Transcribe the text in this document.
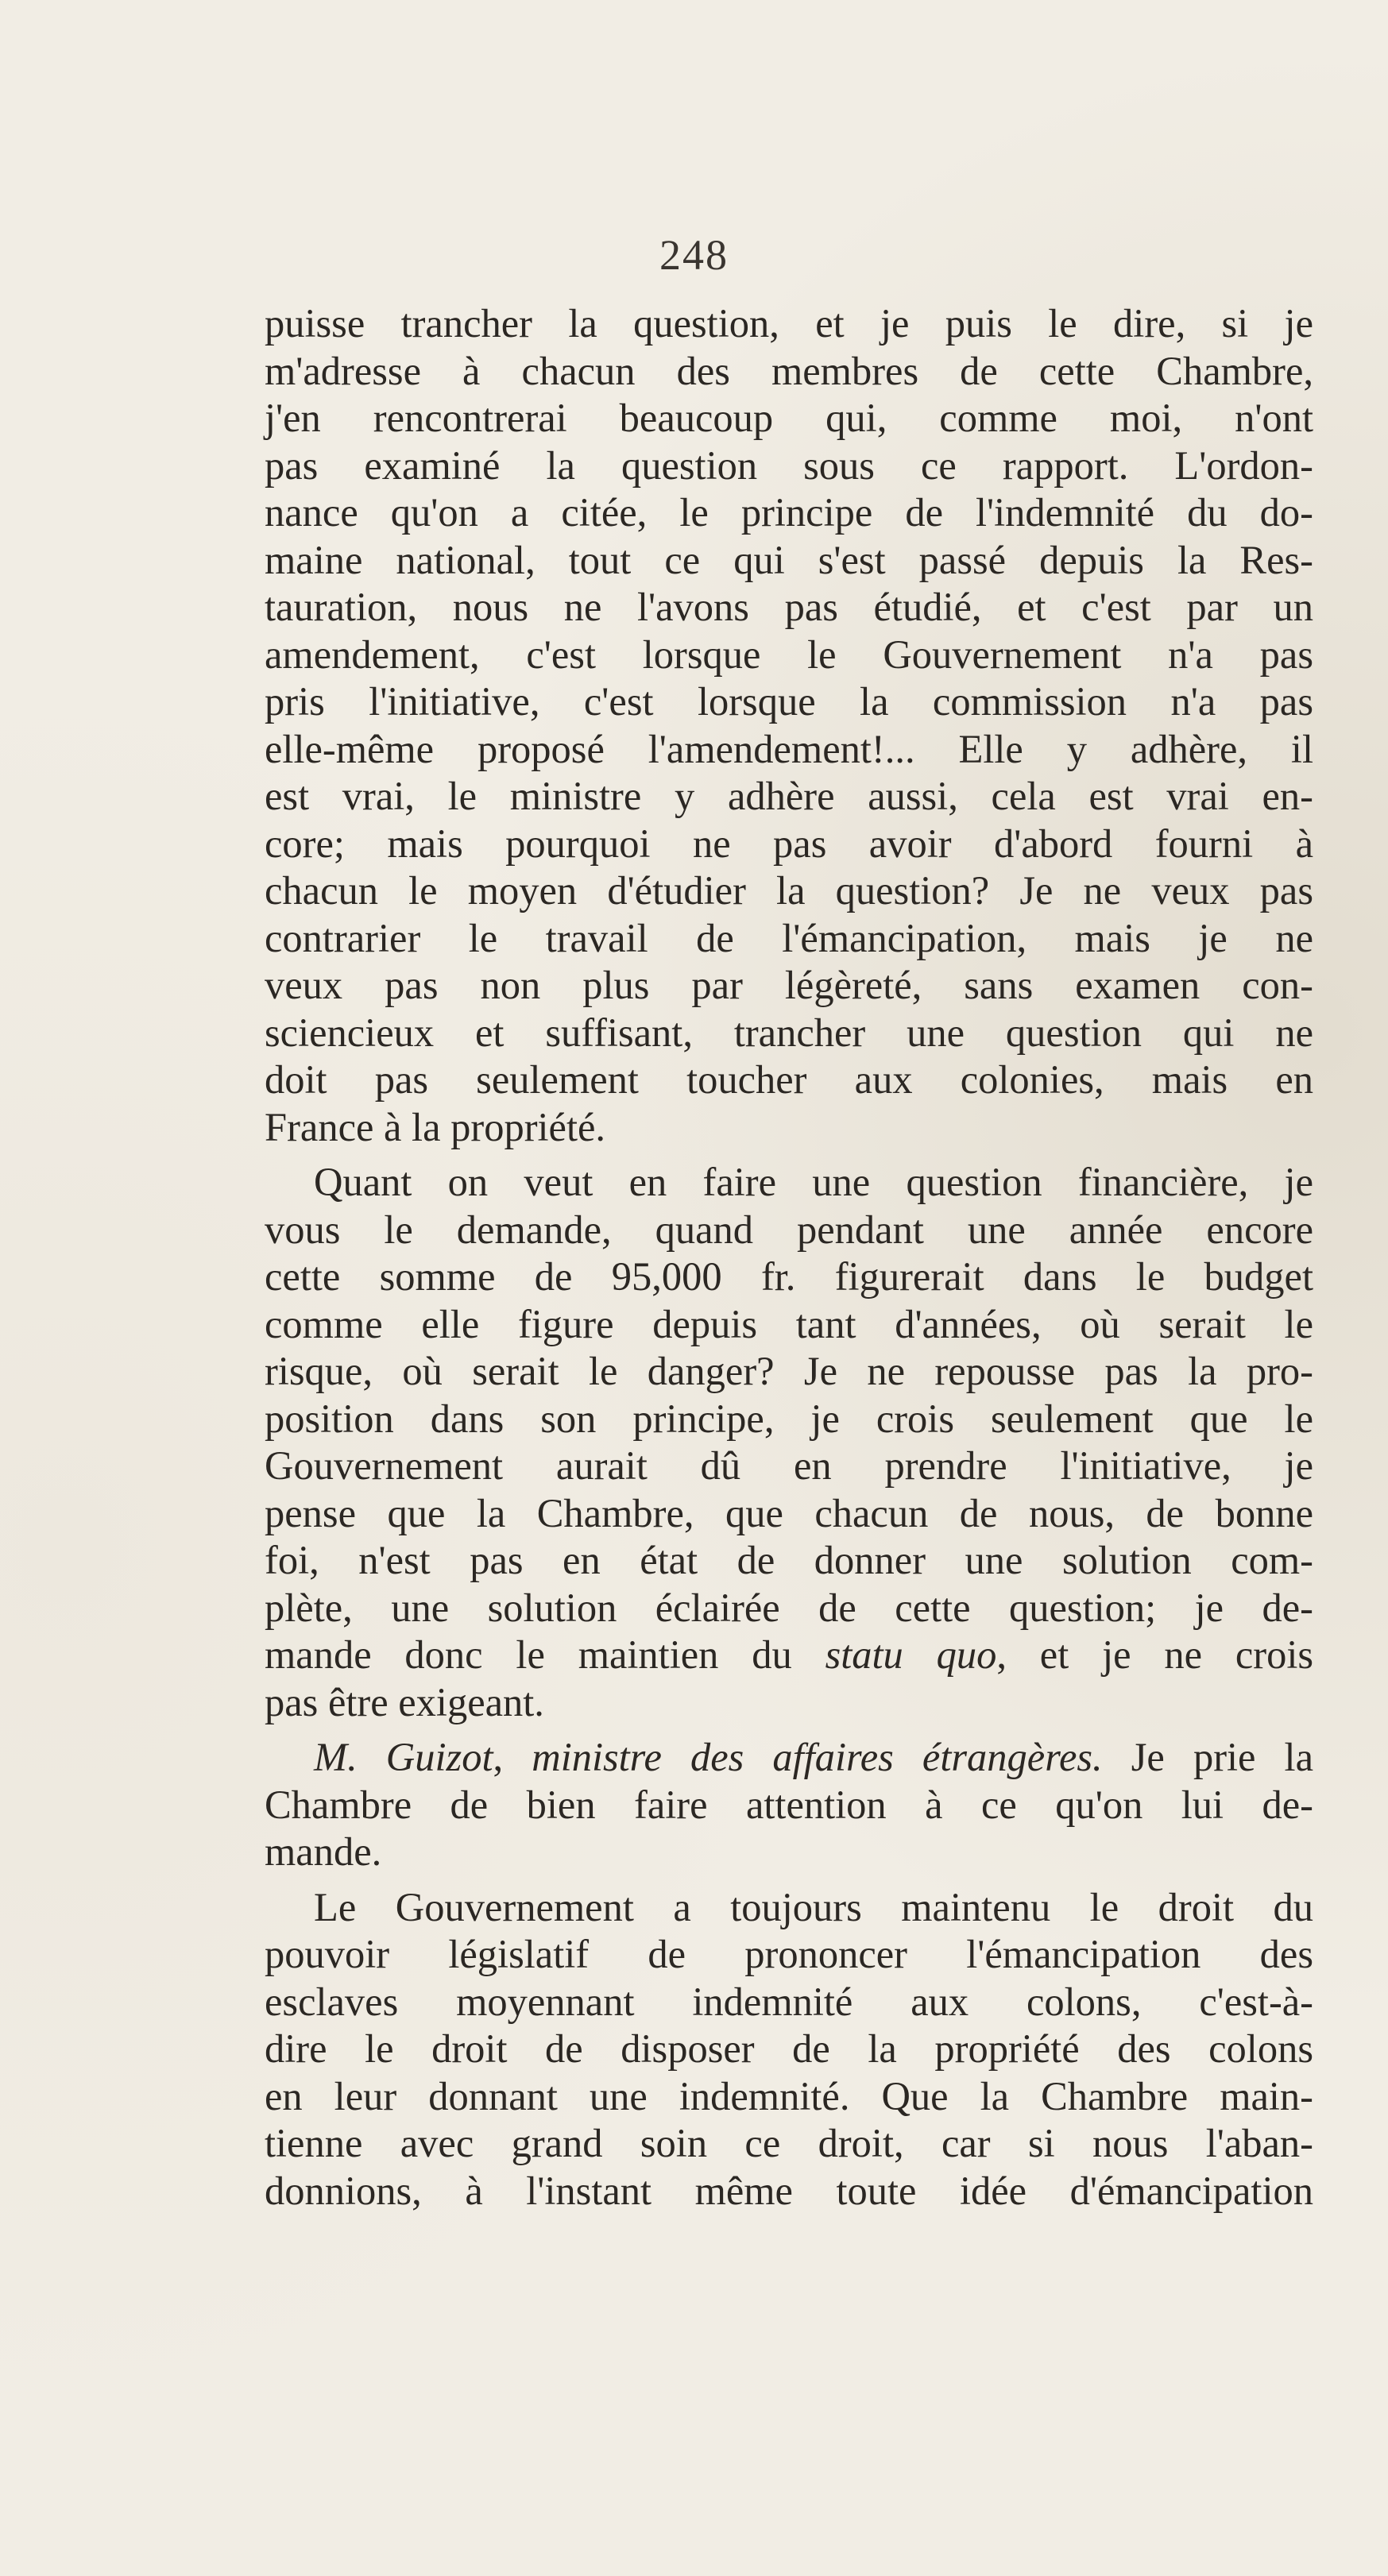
248
puisse trancher la question, et je puis le dire, si je
m'adresse à chacun des membres de cette Chambre,
j'en rencontrerai beaucoup qui, comme moi, n'ont
pas examiné la question sous ce rapport. L'ordon-
nance qu'on a citée, le principe de l'indemnité du do-
maine national, tout ce qui s'est passé depuis la Res-
tauration, nous ne l'avons pas étudié, et c'est par un
amendement, c'est lorsque le Gouvernement n'a pas
pris l'initiative, c'est lorsque la commission n'a pas
elle-même proposé l'amendement!... Elle y adhère, il
est vrai, le ministre y adhère aussi, cela est vrai en-
core; mais pourquoi ne pas avoir d'abord fourni à
chacun le moyen d'étudier la question? Je ne veux pas
contrarier le travail de l'émancipation, mais je ne
veux pas non plus par légèreté, sans examen con-
sciencieux et suffisant, trancher une question qui ne
doit pas seulement toucher aux colonies, mais en
France à la propriété.
Quant on veut en faire une question financière, je
vous le demande, quand pendant une année encore
cette somme de 95,000 fr. figurerait dans le budget
comme elle figure depuis tant d'années, où serait le
risque, où serait le danger? Je ne repousse pas la pro-
position dans son principe, je crois seulement que le
Gouvernement aurait dû en prendre l'initiative, je
pense que la Chambre, que chacun de nous, de bonne
foi, n'est pas en état de donner une solution com-
plète, une solution éclairée de cette question; je de-
mande donc le maintien du statu quo, et je ne crois
pas être exigeant.
M. Guizot, ministre des affaires étrangères. Je prie la
Chambre de bien faire attention à ce qu'on lui de-
mande.
Le Gouvernement a toujours maintenu le droit du
pouvoir législatif de prononcer l'émancipation des
esclaves moyennant indemnité aux colons, c'est-à-
dire le droit de disposer de la propriété des colons
en leur donnant une indemnité. Que la Chambre main-
tienne avec grand soin ce droit, car si nous l'aban-
donnions, à l'instant même toute idée d'émancipation
